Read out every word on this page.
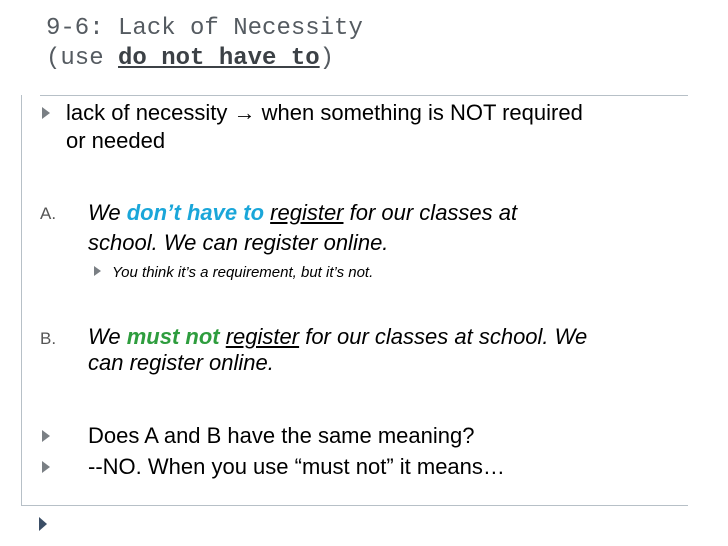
9-6: Lack of Necessity
(use do not have to)
lack of necessity → when something is NOT required
or needed
A. We don’t have to register for our classes at
school. We can register online.
You think it’s a requirement, but it’s not.
B. We must not register for our classes at school. We
can register online.
Does A and B have the same meaning?
--NO. When you use “must not” it means…
